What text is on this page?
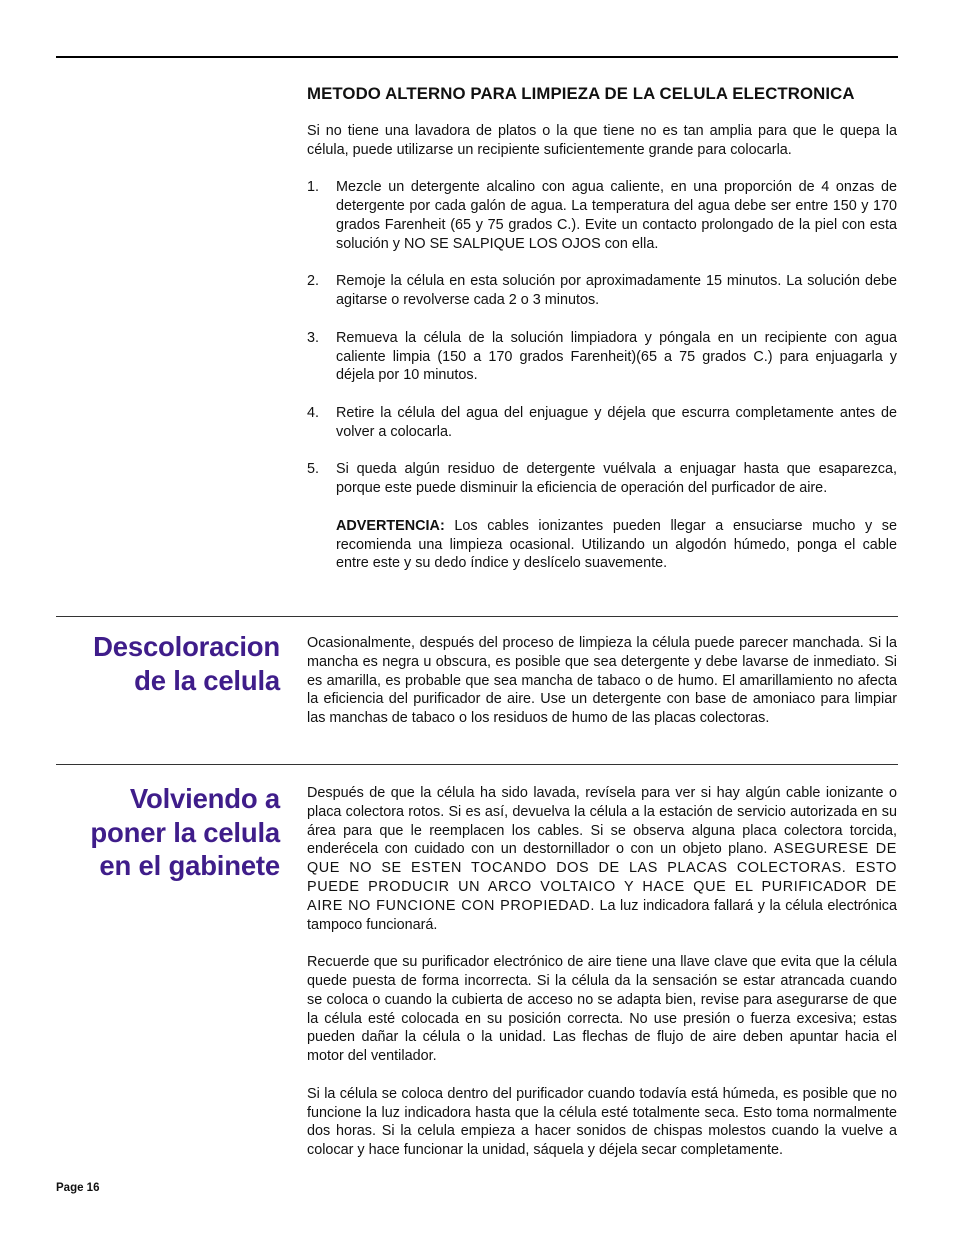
METODO ALTERNO PARA LIMPIEZA DE LA CELULA ELECTRONICA

Si no tiene una lavadora de platos o la que tiene no es tan amplia para que le quepa la célula, puede utilizarse un recipiente suficientemente grande para colocarla.

1. Mezcle un detergente alcalino con agua caliente, en una proporción de 4 onzas de detergente por cada galón de agua. La temperatura del agua debe ser entre 150 y 170 grados Farenheit (65 y 75 grados C.). Evite un contacto prolongado de la piel con esta solución y NO SE SALPIQUE LOS OJOS con ella.
2. Remoje la célula en esta solución por aproximadamente 15 minutos. La solución debe agitarse o revolverse cada 2 o 3 minutos.
3. Remueva la célula de la solución limpiadora y póngala en un recipiente con agua caliente limpia (150 a 170 grados Farenheit)(65 a 75 grados C.) para enjuagarla y déjela por 10 minutos.
4. Retire la célula del agua del enjuague y déjela que escurra completamente antes de volver a colocarla.
5. Si queda algún residuo de detergente vuélvala a enjuagar hasta que esaparezca, porque este puede disminuir la eficiencia de operación del purficador de aire.

ADVERTENCIA: Los cables ionizantes pueden llegar a ensuciarse mucho y se recomienda una limpieza ocasional. Utilizando un algodón húmedo, ponga el cable entre este y su dedo índice y deslícelo suavemente.

Descoloracion
de la celula

Ocasionalmente, después del proceso de limpieza la célula puede parecer manchada. Si la mancha es negra u obscura, es posible que sea detergente y debe lavarse de inmediato. Si es amarilla, es probable que sea mancha de tabaco o de humo. El amarillamiento no afecta la eficiencia del purificador de aire. Use un detergente con base de amoniaco para limpiar las manchas de tabaco o los residuos de humo de las placas colectoras.

Volviendo a
poner la celula
en el gabinete

Después de que la célula ha sido lavada, revísela para ver si hay algún cable ionizante o placa colectora rotos. Si es así, devuelva la célula a la estación de servicio autorizada en su área para que le reemplacen los cables. Si se observa alguna placa colectora torcida, enderécela con cuidado con un destornillador o con un objeto plano. ASEGURESE DE QUE NO SE ESTEN TOCANDO DOS DE LAS PLACAS COLECTORAS. ESTO PUEDE PRODUCIR UN ARCO VOLTAICO Y HACE QUE EL PURIFICADOR DE AIRE NO FUNCIONE CON PROPIEDAD. La luz indicadora fallará y la célula electrónica tampoco funcionará.

Recuerde que su purificador electrónico de aire tiene una llave clave que evita que la célula quede puesta de forma incorrecta. Si la célula da la sensación se estar atrancada cuando se coloca o cuando la cubierta de acceso no se adapta bien, revise para asegurarse de que la célula esté colocada en su posición correcta. No use presión o fuerza excesiva; estas pueden dañar la célula o la unidad. Las flechas de flujo de aire deben apuntar hacia el motor del ventilador.

Si la célula se coloca dentro del purificador cuando todavía está húmeda, es posible que no funcione la luz indicadora hasta que la célula esté totalmente seca. Esto toma normalmente dos horas. Si la celula empieza a hacer sonidos de chispas molestos cuando la vuelve a colocar y hace funcionar la unidad, sáquela y déjela secar completamente.

Page 16
